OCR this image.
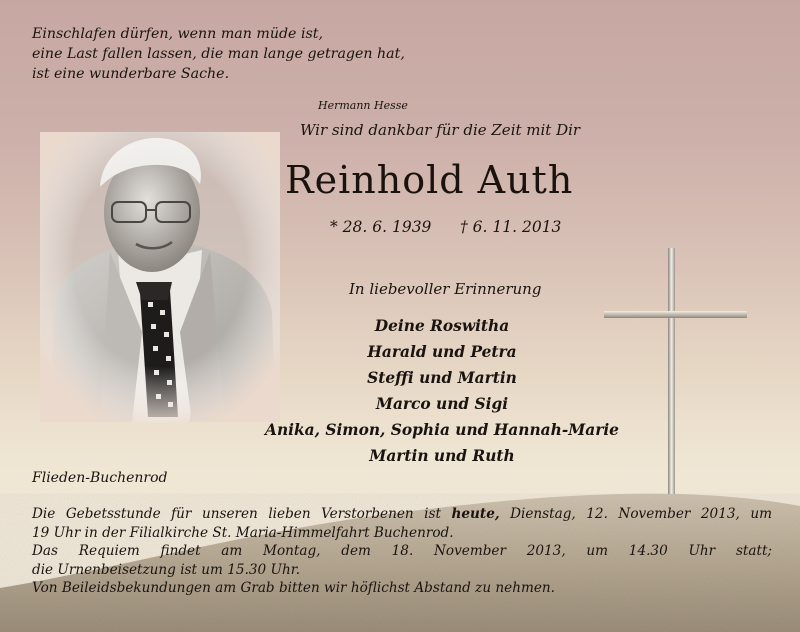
Einschlafen dürfen, wenn man müde ist,
eine Last fallen lassen, die man lange getragen hat,
ist eine wunderbare Sache.
Hermann Hesse
Wir sind dankbar für die Zeit mit Dir
Reinhold Auth
* 28. 6. 1939 † 6. 11. 2013
In liebevoller Erinnerung
Deine Roswitha
Harald und Petra
Steffi und Martin
Marco und Sigi
Anika, Simon, Sophia und Hannah-Marie
Martin und Ruth
Flieden-Buchenrod

Die Gebetsstunde für unseren lieben Verstorbenen ist heute, Dienstag, 12. November 2013, um

19 Uhr in der Filialkirche St. Maria-Himmelfahrt Buchenrod.

Das Requiem findet am Montag, dem 18. November 2013, um 14.30 Uhr statt;

die Urnenbeisetzung ist um 15.30 Uhr.

Von Beileidsbekundungen am Grab bitten wir höflichst Abstand zu nehmen.
